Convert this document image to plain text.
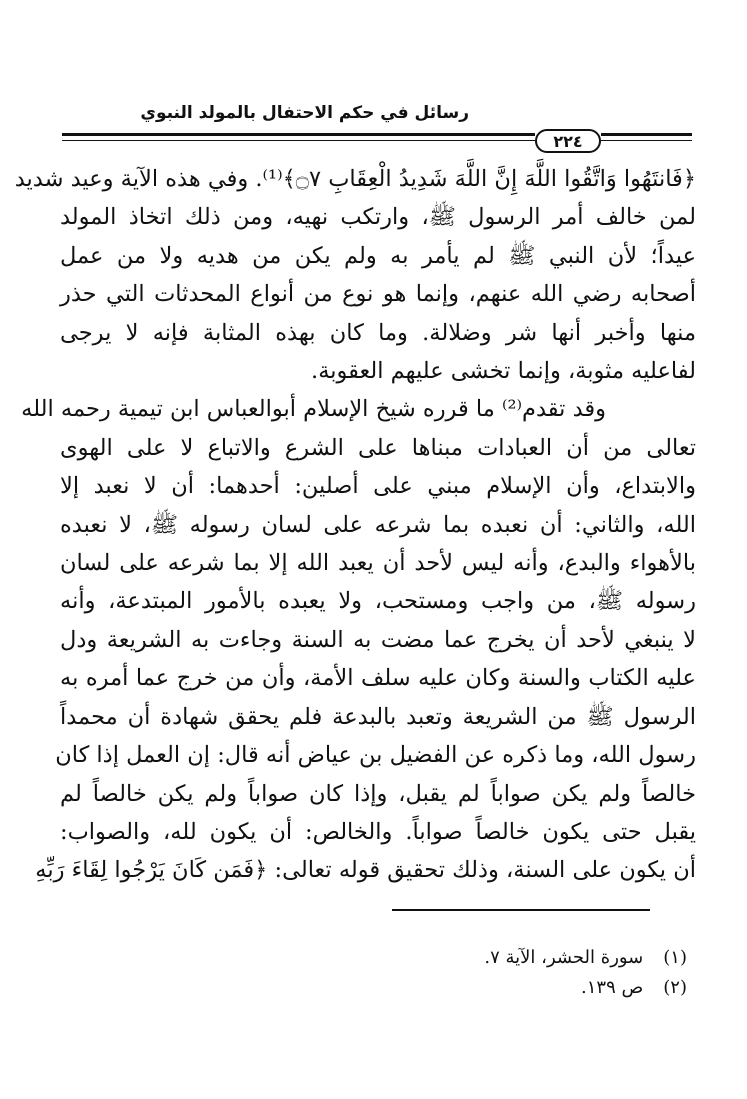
رسائل في حكم الاحتفال بالمولد النبوي
٢٢٤
﴿فَانتَهُوا وَاتَّقُوا اللَّهَ إِنَّ اللَّهَ شَدِيدُ الْعِقَابِ ۝٧﴾⁽¹⁾. وفي هذه الآية وعيد شديد
لمن خالف أمر الرسول ﷺ، وارتكب نهيه، ومن ذلك اتخاذ المولد
عيداً؛ لأن النبي ﷺ لم يأمر به ولم يكن من هديه ولا من عمل
أصحابه رضي الله عنهم، وإنما هو نوع من أنواع المحدثات التي حذر
منها وأخبر أنها شر وضلالة. وما كان بهذه المثابة فإنه لا يرجى
لفاعليه مثوبة، وإنما تخشى عليهم العقوبة.
وقد تقدم⁽²⁾ ما قرره شيخ الإسلام أبوالعباس ابن تيمية رحمه الله
تعالى من أن العبادات مبناها على الشرع والاتباع لا على الهوى
والابتداع، وأن الإسلام مبني على أصلين: أحدهما: أن لا نعبد إلا
الله، والثاني: أن نعبده بما شرعه على لسان رسوله ﷺ، لا نعبده
بالأهواء والبدع، وأنه ليس لأحد أن يعبد الله إلا بما شرعه على لسان
رسوله ﷺ، من واجب ومستحب، ولا يعبده بالأمور المبتدعة، وأنه
لا ينبغي لأحد أن يخرج عما مضت به السنة وجاءت به الشريعة ودل
عليه الكتاب والسنة وكان عليه سلف الأمة، وأن من خرج عما أمره به
الرسول ﷺ من الشريعة وتعبد بالبدعة فلم يحقق شهادة أن محمداً
رسول الله، وما ذكره عن الفضيل بن عياض أنه قال: إن العمل إذا كان
خالصاً ولم يكن صواباً لم يقبل، وإذا كان صواباً ولم يكن خالصاً لم
يقبل حتى يكون خالصاً صواباً. والخالص: أن يكون لله، والصواب:
أن يكون على السنة، وذلك تحقيق قوله تعالى: ﴿فَمَن كَانَ يَرْجُوا لِقَاءَ رَبِّهِ
(١) سورة الحشر، الآية ٧.
(٢) ص ١٣٩.
